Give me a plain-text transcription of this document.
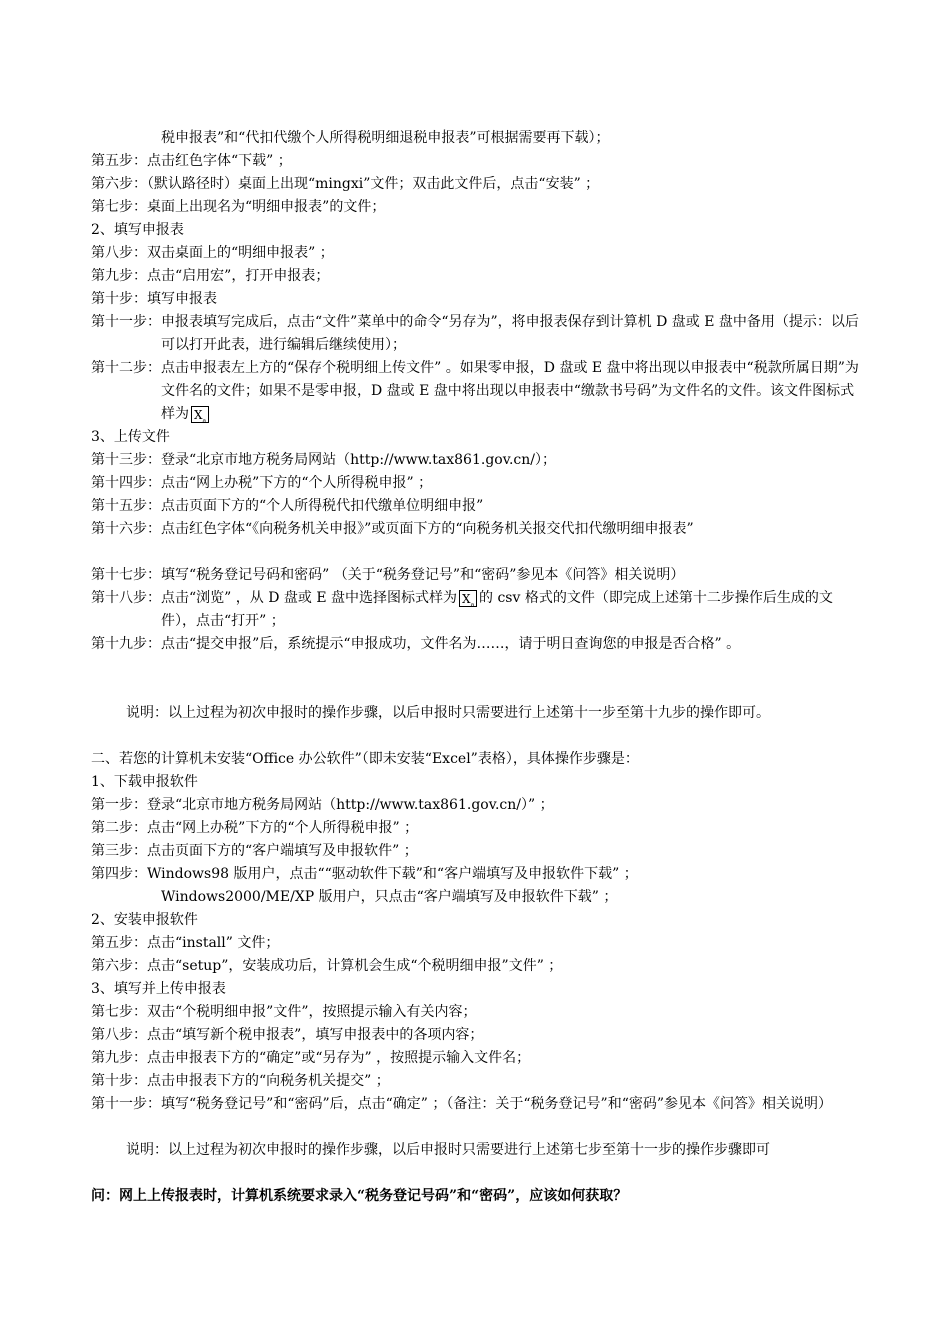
税申报表”和“代扣代缴个人所得税明细退税申报表”可根据需要再下载）；
第五步：点击红色字体“下载” ；
第六步：（默认路径时）桌面上出现“mingxi”文件；双击此文件后，点击“安装” ；
第七步：桌面上出现名为“明细申报表”的文件；
2、填写申报表
第八步：双击桌面上的“明细申报表” ；
第九步：点击“启用宏”，打开申报表；
第十步：填写申报表
第十一步： 申报表填写完成后，点击“文件”菜单中的命令“另存为”，将申报表保存到计算机 D 盘或 E 盘中备用（提示：以后可以打开此表，进行编辑后继续使用）；
第十二步： 点击申报表左上方的“保存个税明细上传文件” 。如果零申报，D 盘或 E 盘中将出现以申报表中“税款所属日期”为文件名的文件；如果不是零申报，D 盘或 E 盘中将出现以申报表中“缴款书号码”为文件名的文件。该文件图标式样为 $X_a$
3、上传文件
第十三步：登录“北京市地方税务局网站（http://www.tax861.gov.cn/）；
第十四步：点击“网上办税”下方的“个人所得税申报” ；
第十五步：点击页面下方的“个人所得税代扣代缴单位明细申报”
第十六步： 点击红色字体“《向税务机关申报》”或页面下方的“向税务机关报交代扣代缴明细申报表”
第十七步：填写“税务登记号码和密码” （关于“税务登记号”和“密码”参见本《问答》相关说明）
第十八步： 点击“浏览” ，从 D 盘或 E 盘中选择图标式样为 $X_a$ 的 csv 格式的文件（即完成上述第十二步操作后生成的文件），点击“打开” ；
第十九步： 点击“提交申报”后，系统提示“申报成功，文件名为……，请于明日查询您的申报是否合格” 。
说明：以上过程为初次申报时的操作步骤，以后申报时只需要进行上述第十一步至第十九步的操作即可。
二、若您的计算机未安装“Office 办公软件”（即未安装“Excel”表格），具体操作步骤是：
1、下载申报软件
第一步：登录“北京市地方税务局网站（http://www.tax861.gov.cn/）” ；
第二步：点击“网上办税”下方的“个人所得税申报” ；
第三步：点击页面下方的“客户端填写及申报软件” ；
第四步：Windows98 版用户，点击““驱动软件下载”和“客户端填写及申报软件下载” ；
Windows2000/ME/XP 版用户，只点击“客户端填写及申报软件下载” ；
2、安装申报软件
第五步：点击“install” 文件；
第六步：点击“setup”，安装成功后，计算机会生成“个税明细申报”文件” ；
3、填写并上传申报表
第七步：双击“个税明细申报”文件”，按照提示输入有关内容；
第八步：点击“填写新个税申报表”，填写申报表中的各项内容；
第九步：点击申报表下方的“确定”或“另存为” ，按照提示输入文件名；
第十步：点击申报表下方的“向税务机关提交” ；
第十一步：填写“税务登记号”和“密码”后，点击“确定” ；（备注：关于“税务登记号”和“密码”参见本《问答》相关说明）
说明：以上过程为初次申报时的操作步骤，以后申报时只需要进行上述第七步至第十一步的操作步骤即可
问：网上上传报表时，计算机系统要求录入“税务登记号码”和“密码”，应该如何获取？
